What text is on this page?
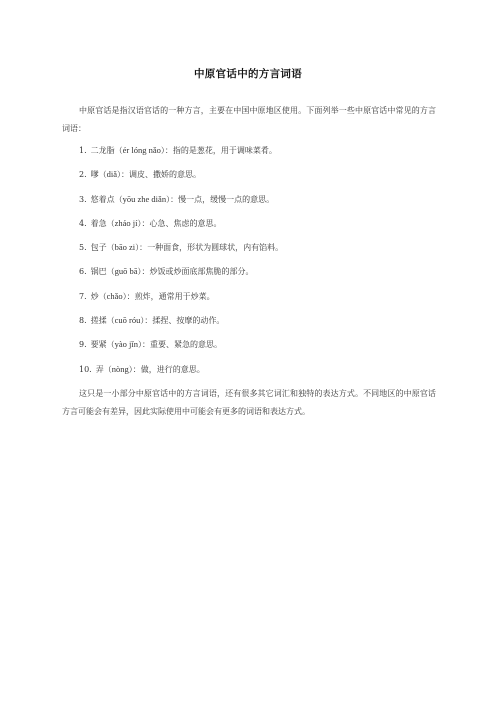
中原官话中的方言词语

中原官话是指汉语官话的一种方言，主要在中国中原地区使用。下面列举一些中原官话中常见的方言词语：

1. 二龙脂（ér lóng nǎo）：指的是葱花，用于调味菜肴。
2. 嗲（diǎ）：调皮、撒娇的意思。
3. 悠着点（yōu zhe diǎn）：慢一点，缓慢一点的意思。
4. 着急（zháo jí）：心急、焦虑的意思。
5. 包子（bāo zi）：一种面食，形状为圆球状，内有馅料。
6. 锅巴（guō bā）：炒饭或炒面底部焦脆的部分。
7. 炒（chǎo）：煎炸，通常用于炒菜。
8. 搓揉（cuō róu）：揉捏、按摩的动作。
9. 要紧（yào jǐn）：重要、紧急的意思。
10. 弄（nòng）：做，进行的意思。

这只是一小部分中原官话中的方言词语，还有很多其它词汇和独特的表达方式。不同地区的中原官话方言可能会有差异，因此实际使用中可能会有更多的词语和表达方式。
